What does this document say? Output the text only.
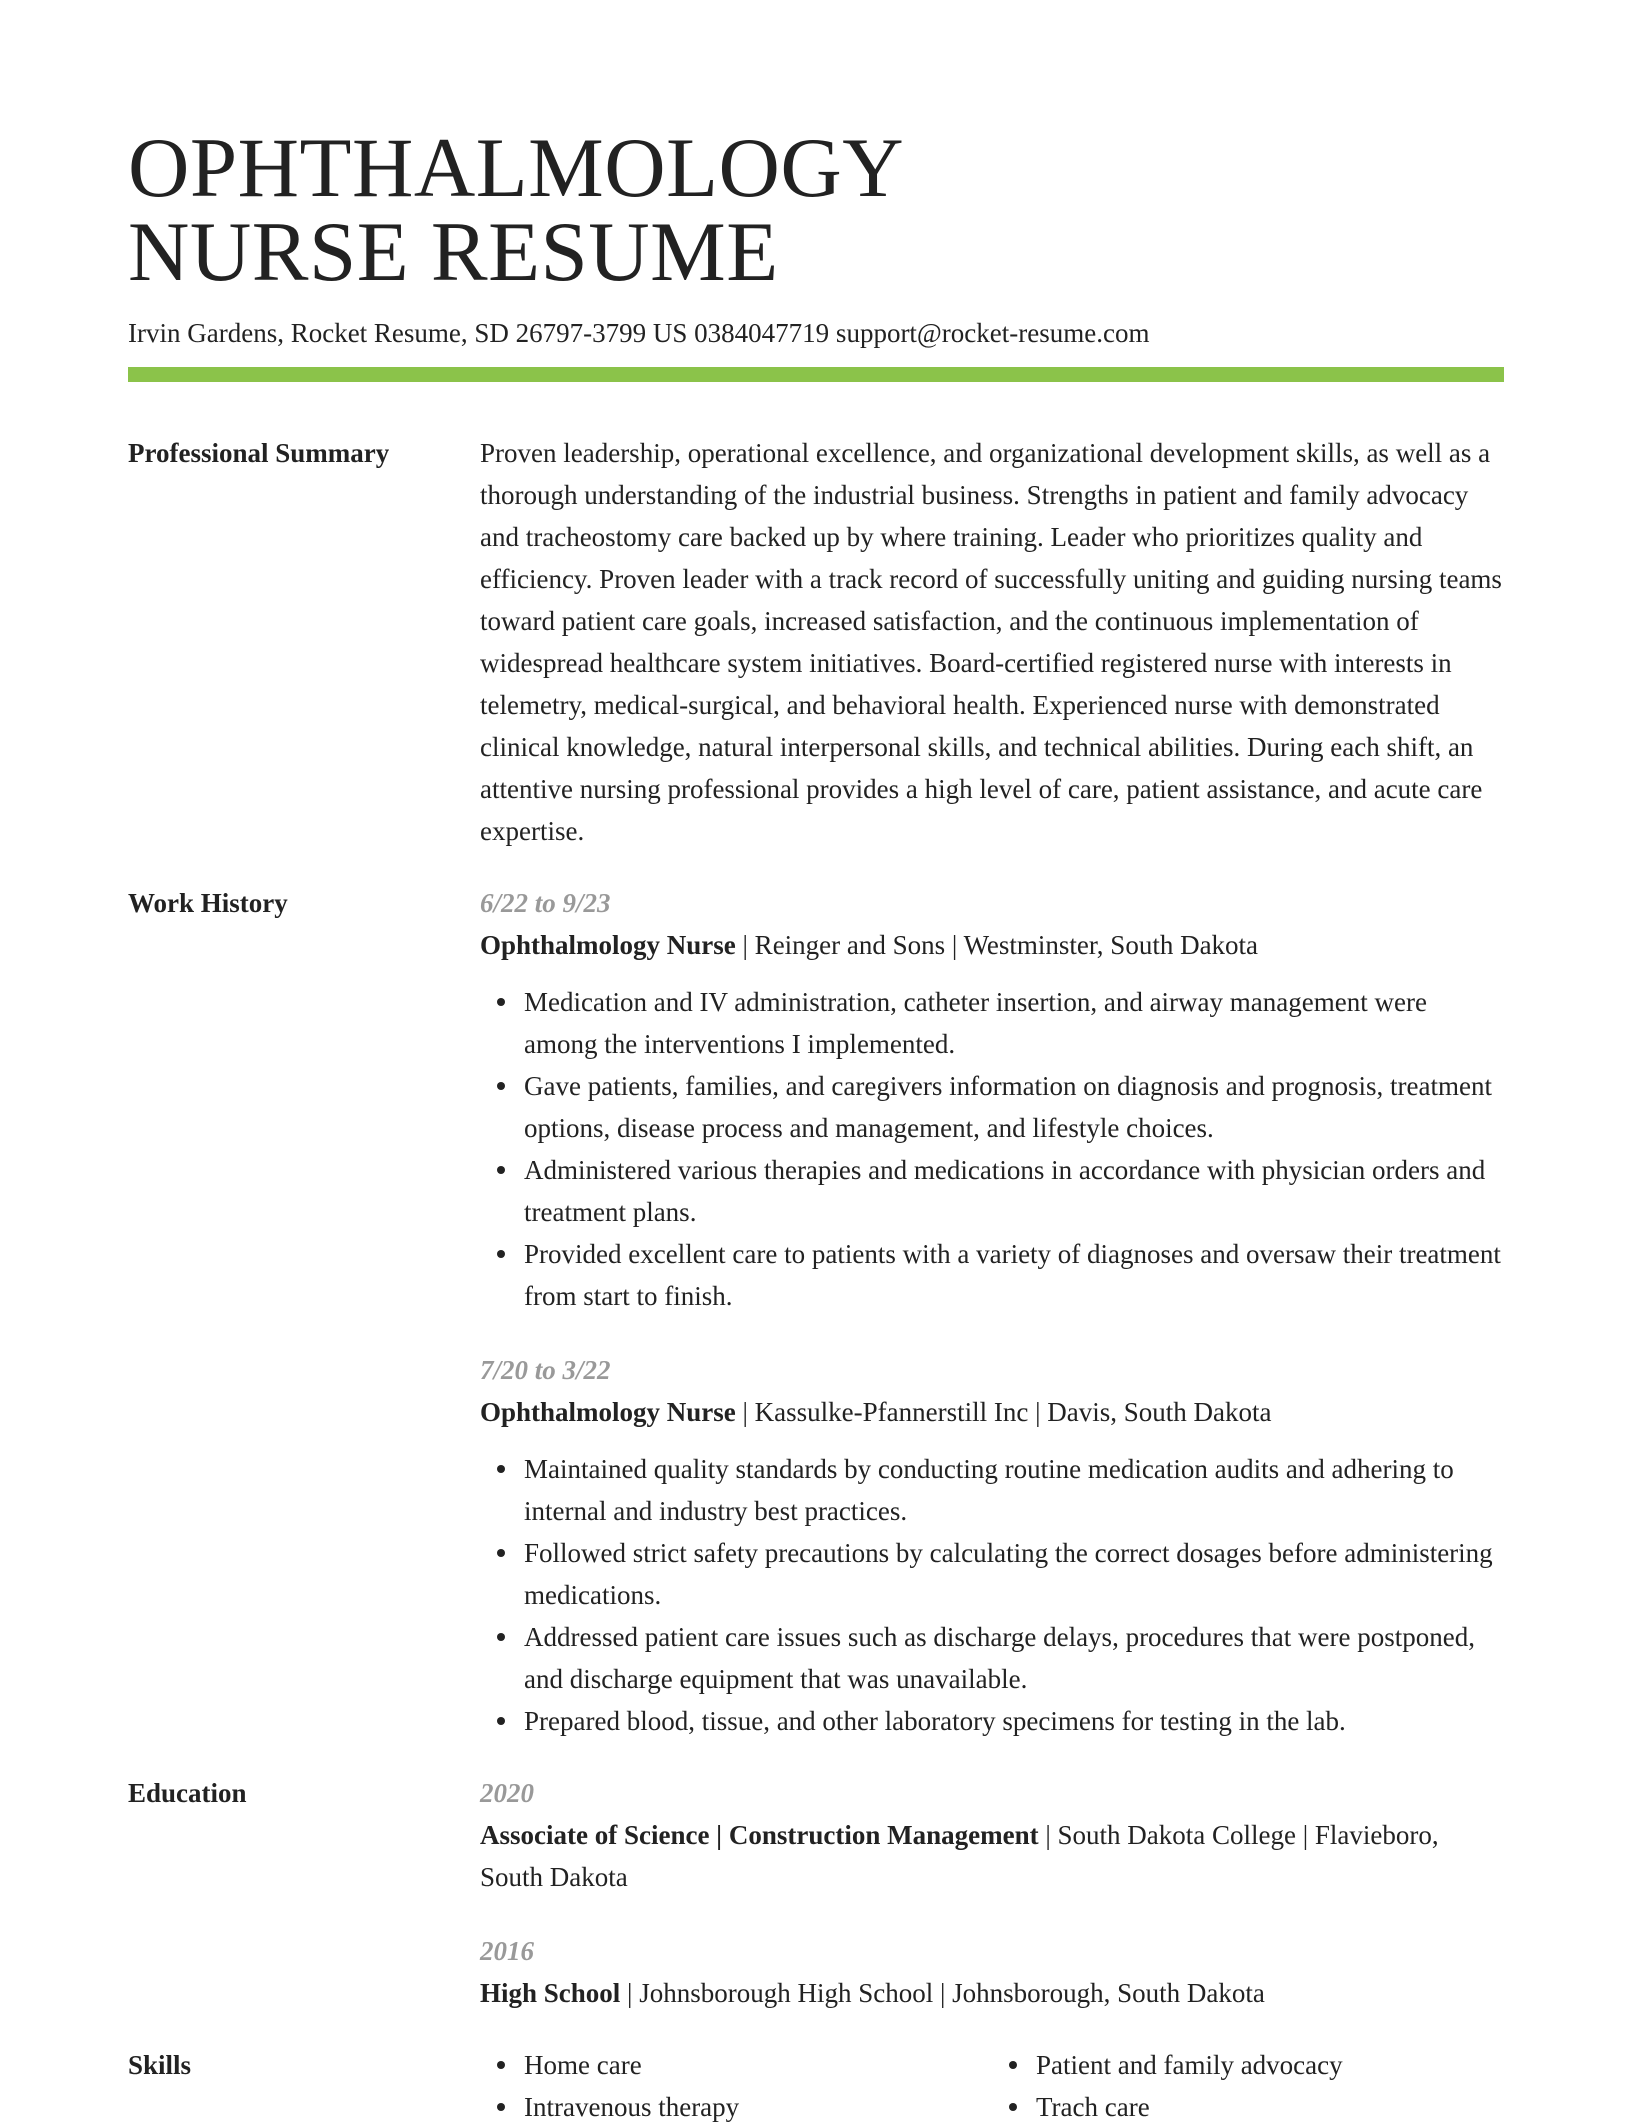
OPHTHALMOLOGY
NURSE RESUME
Irvin Gardens, Rocket Resume, SD 26797-3799 US 0384047719 support@rocket-resume.com
Professional Summary	Proven leadership, operational excellence, and organizational development skills, as well as a thorough understanding of the industrial business. Strengths in patient and family advocacy and tracheostomy care backed up by where training. Leader who prioritizes quality and efficiency. Proven leader with a track record of successfully uniting and guiding nursing teams toward patient care goals, increased satisfaction, and the continuous implementation of widespread healthcare system initiatives. Board-certified registered nurse with interests in telemetry, medical-surgical, and behavioral health. Experienced nurse with demonstrated clinical knowledge, natural interpersonal skills, and technical abilities. During each shift, an attentive nursing professional provides a high level of care, patient assistance, and acute care expertise.

Work History	6/22 to 9/23

Ophthalmology Nurse | Reinger and Sons | Westminster, South Dakota

Medication and IV administration, catheter insertion, and airway management were among the interventions I implemented.
Gave patients, families, and caregivers information on diagnosis and prognosis, treatment options, disease process and management, and lifestyle choices.
Administered various therapies and medications in accordance with physician orders and treatment plans.
Provided excellent care to patients with a variety of diagnoses and oversaw their treatment from start to finish.
7/20 to 3/22

Ophthalmology Nurse | Kassulke-Pfannerstill Inc | Davis, South Dakota

Maintained quality standards by conducting routine medication audits and adhering to internal and industry best practices.
Followed strict safety precautions by calculating the correct dosages before administering medications.
Addressed patient care issues such as discharge delays, procedures that were postponed, and discharge equipment that was unavailable.
Prepared blood, tissue, and other laboratory specimens for testing in the lab.
Education	2020

Associate of Science | Construction Management | South Dakota College | Flavieboro, South Dakota

2016

High School | Johnsborough High School | Johnsborough, South Dakota

Skills	Home care
Intravenous therapy
Patient and family advocacy
Trach care
